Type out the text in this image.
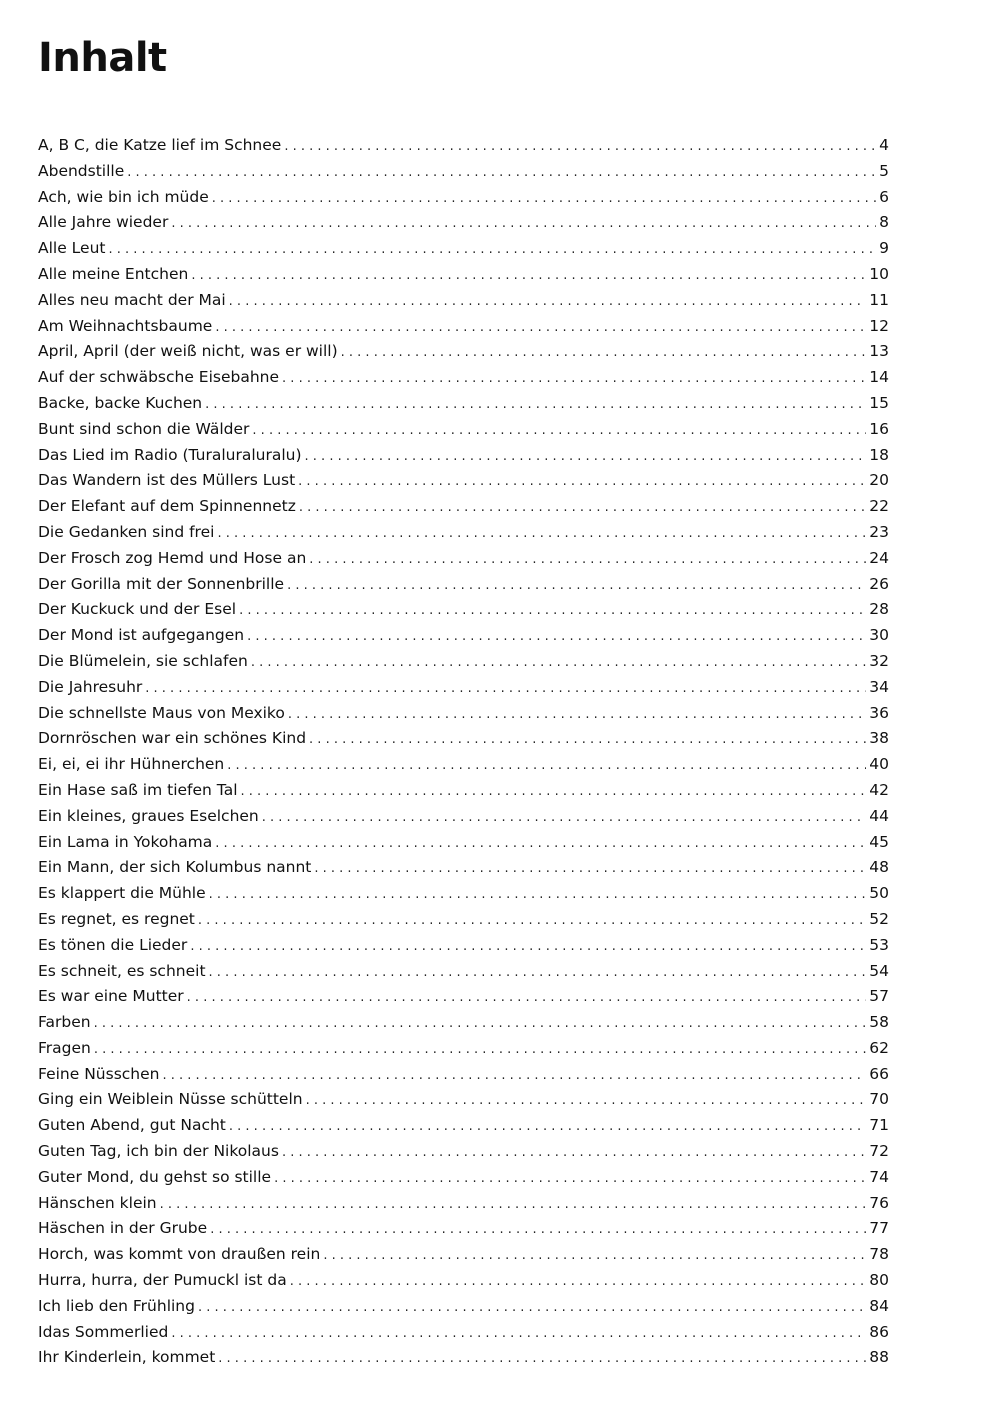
Inhalt
A, B C, die Katze lief im Schnee . . .	4
Abendstille . . .	5
Ach, wie bin ich müde . . .	6
Alle Jahre wieder . . .	8
Alle Leut . . .	9
Alle meine Entchen . . .	10
Alles neu macht der Mai . . .	11
Am Weihnachtsbaume . . .	12
April, April (der weiß nicht, was er will) . . .	13
Auf der schwäbsche Eisebahne . . .	14
Backe, backe Kuchen . . .	15
Bunt sind schon die Wälder . . .	16
Das Lied im Radio (Turaluraluralu) . . .	18
Das Wandern ist des Müllers Lust . . .	20
Der Elefant auf dem Spinnennetz . . .	22
Die Gedanken sind frei . . .	23
Der Frosch zog Hemd und Hose an . . .	24
Der Gorilla mit der Sonnenbrille . . .	26
Der Kuckuck und der Esel . . .	28
Der Mond ist aufgegangen . . .	30
Die Blümelein, sie schlafen . . .	32
Die Jahresuhr . . .	34
Die schnellste Maus von Mexiko . . .	36
Dornröschen war ein schönes Kind . . .	38
Ei, ei, ei ihr Hühnerchen . . .	40
Ein Hase saß im tiefen Tal . . .	42
Ein kleines, graues Eselchen . . .	44
Ein Lama in Yokohama . . .	45
Ein Mann, der sich Kolumbus nannt . . .	48
Es klappert die Mühle . . .	50
Es regnet, es regnet . . .	52
Es tönen die Lieder . . .	53
Es schneit, es schneit . . .	54
Es war eine Mutter . . .	57
Farben . . .	58
Fragen . . .	62
Feine Nüsschen . . .	66
Ging ein Weiblein Nüsse schütteln . . .	70
Guten Abend, gut Nacht . . .	71
Guten Tag, ich bin der Nikolaus . . .	72
Guter Mond, du gehst so stille . . .	74
Hänschen klein . . .	76
Häschen in der Grube . . .	77
Horch, was kommt von draußen rein . . .	78
Hurra, hurra, der Pumuckl ist da . . .	80
Ich lieb den Frühling . . .	84
Idas Sommerlied . . .	86
Ihr Kinderlein, kommet . . .	88
